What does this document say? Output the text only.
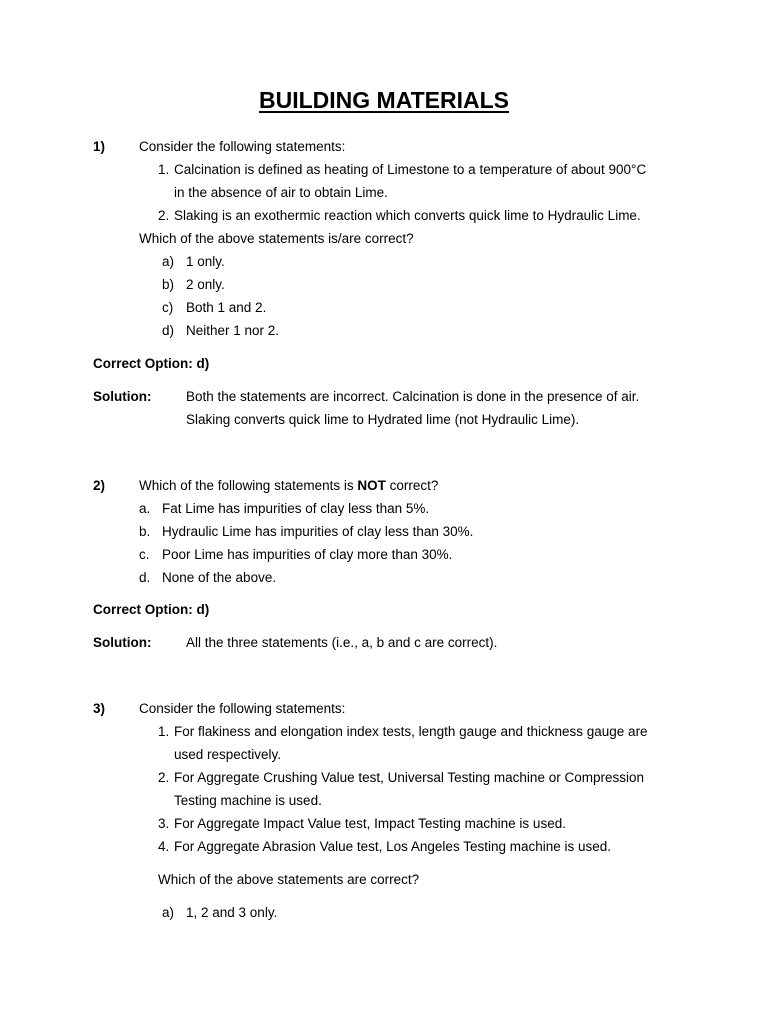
BUILDING MATERIALS
1)	Consider the following statements:
1. Calcination is defined as heating of Limestone to a temperature of about 900°C
in the absence of air to obtain Lime.
2. Slaking is an exothermic reaction which converts quick lime to Hydraulic Lime.
Which of the above statements is/are correct?
a) 1 only.
b) 2 only.
c) Both 1 and 2.
d) Neither 1 nor 2.
Correct Option: d)
Solution:	Both the statements are incorrect. Calcination is done in the presence of air.
Slaking converts quick lime to Hydrated lime (not Hydraulic Lime).
2)	Which of the following statements is NOT correct?
a. Fat Lime has impurities of clay less than 5%.
b. Hydraulic Lime has impurities of clay less than 30%.
c. Poor Lime has impurities of clay more than 30%.
d. None of the above.
Correct Option: d)
Solution:	All the three statements (i.e., a, b and c are correct).
3)	Consider the following statements:
1. For flakiness and elongation index tests, length gauge and thickness gauge are
used respectively.
2. For Aggregate Crushing Value test, Universal Testing machine or Compression
Testing machine is used.
3. For Aggregate Impact Value test, Impact Testing machine is used.
4. For Aggregate Abrasion Value test, Los Angeles Testing machine is used.
Which of the above statements are correct?
a) 1, 2 and 3 only.
